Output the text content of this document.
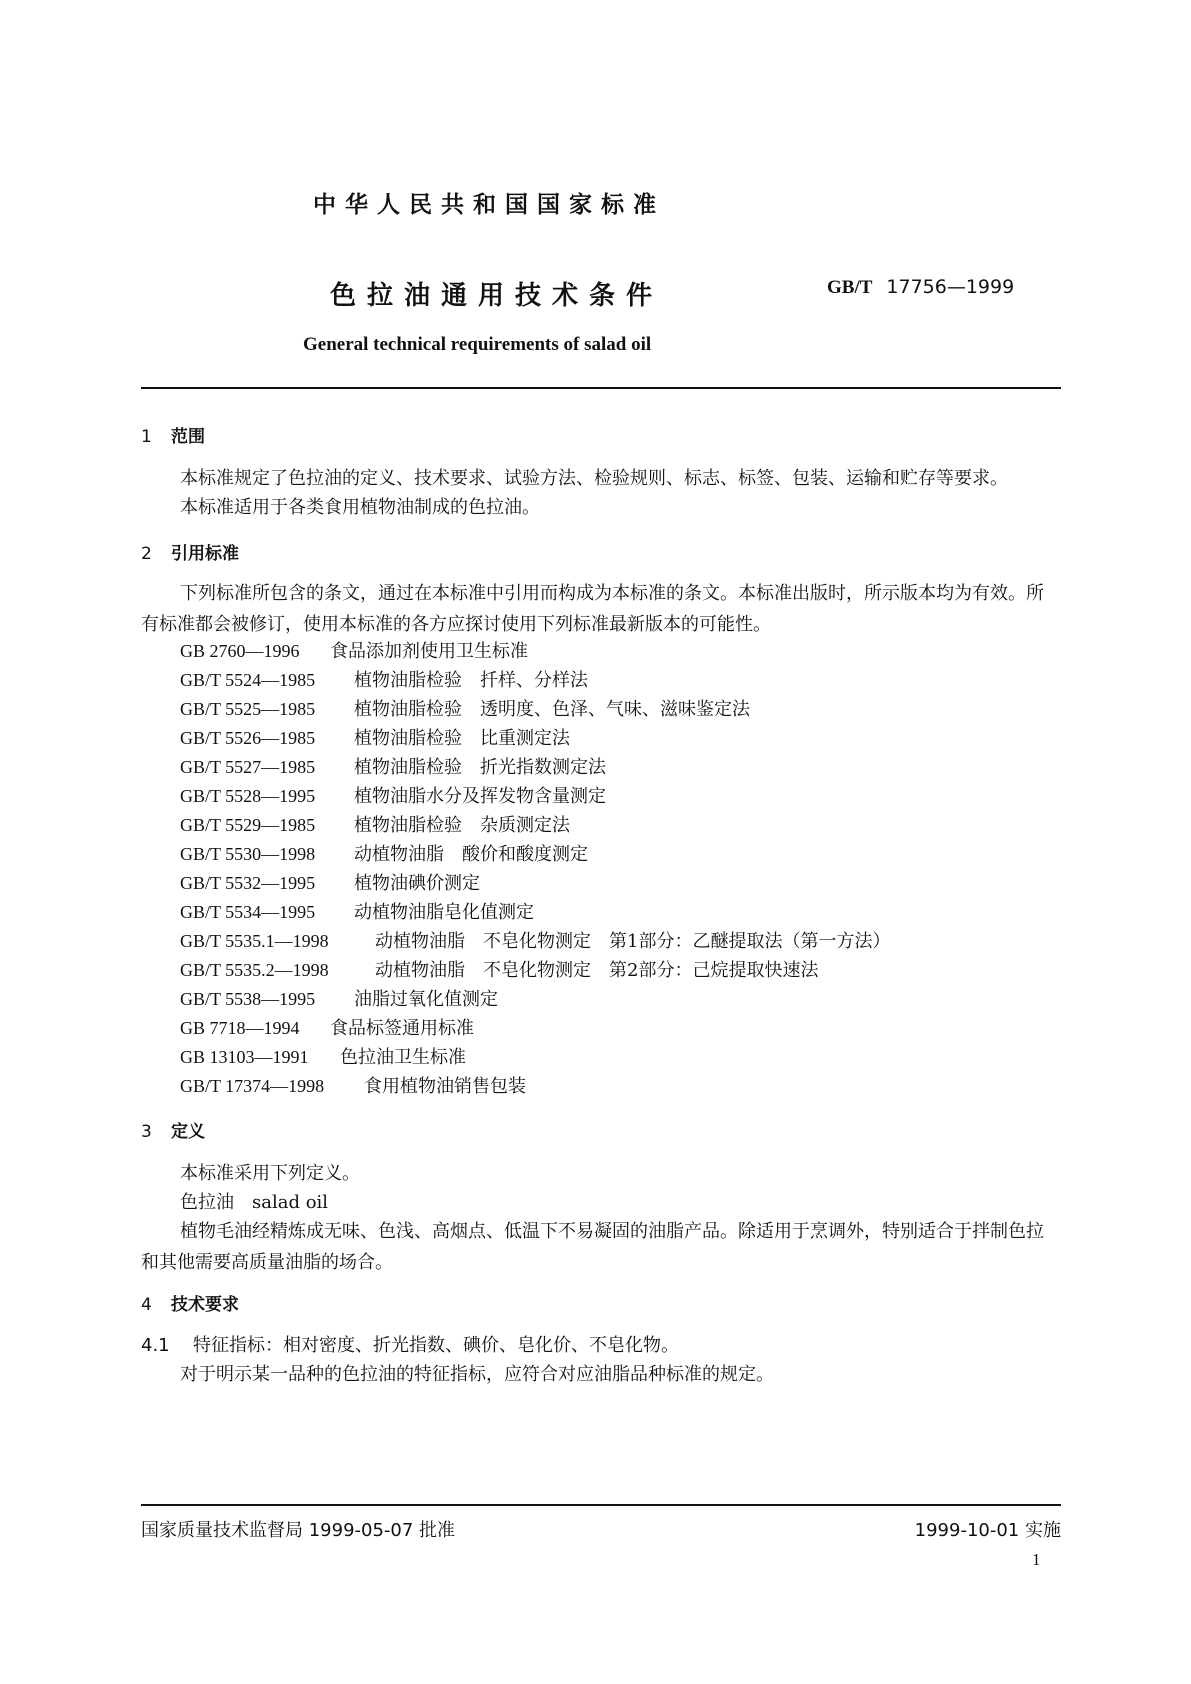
中华人民共和国国家标准
色拉油通用技术条件	GB/T 17756—1999
General technical requirements of salad oil
1 范围
本标准规定了色拉油的定义、技术要求、试验方法、检验规则、标志、标签、包装、运输和贮存等要求。
本标准适用于各类食用植物油制成的色拉油。
2 引用标准
下列标准所包含的条文，通过在本标准中引用而构成为本标准的条文。本标准出版时，所示版本均为有效。所有标准都会被修订，使用本标准的各方应探讨使用下列标准最新版本的可能性。
GB 2760—1996 食品添加剂使用卫生标准
GB/T 5524—1985 植物油脂检验　扦样、分样法
GB/T 5525—1985 植物油脂检验　透明度、色泽、气味、滋味鉴定法
GB/T 5526—1985 植物油脂检验　比重测定法
GB/T 5527—1985 植物油脂检验　折光指数测定法
GB/T 5528—1995 植物油脂水分及挥发物含量测定
GB/T 5529—1985 植物油脂检验　杂质测定法
GB/T 5530—1998 动植物油脂　酸价和酸度测定
GB/T 5532—1995 植物油碘价测定
GB/T 5534—1995 动植物油脂皂化值测定
GB/T 5535.1—1998	动植物油脂　不皂化物测定　第1部分：乙醚提取法（第一方法）
GB/T 5535.2—1998	动植物油脂　不皂化物测定　第2部分：己烷提取快速法
GB/T 5538—1995 油脂过氧化值测定
GB 7718—1994 食品标签通用标准
GB 13103—1991 色拉油卫生标准
GB/T 17374—1998 食用植物油销售包装
3 定义
本标准采用下列定义。
色拉油 salad oil
植物毛油经精炼成无味、色浅、高烟点、低温下不易凝固的油脂产品。除适用于烹调外，特别适合于拌制色拉和其他需要高质量油脂的场合。
4 技术要求
4.1 特征指标：相对密度、折光指数、碘价、皂化价、不皂化物。
对于明示某一品种的色拉油的特征指标，应符合对应油脂品种标准的规定。
国家质量技术监督局 1999-05-07 批准	1999-10-01 实施
1
